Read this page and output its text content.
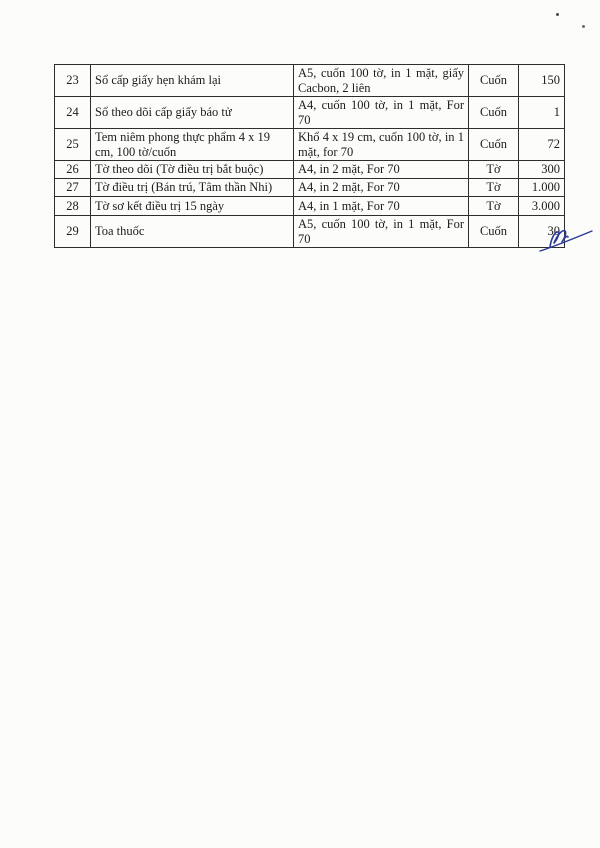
23	Sổ cấp giấy hẹn khám lại	A5, cuốn 100 tờ, in 1 mặt, giấy Cacbon, 2 liên	Cuốn	150
24	Sổ theo dõi cấp giấy báo tử	A4, cuốn 100 tờ, in 1 mặt, For 70	Cuốn	1
25	Tem niêm phong thực phẩm 4 x 19 cm, 100 tờ/cuốn	Khổ 4 x 19 cm, cuốn 100 tờ, in 1 mặt, for 70	Cuốn	72
26	Tờ theo dõi (Tờ điều trị bắt buộc)	A4, in 2 mặt, For 70	Tờ	300
27	Tờ điều trị (Bán trú, Tâm thần Nhi)	A4, in 2 mặt, For 70	Tờ	1.000
28	Tờ sơ kết điều trị 15 ngày	A4, in 1 mặt, For 70	Tờ	3.000
29	Toa thuốc	A5, cuốn 100 tờ, in 1 mặt, For 70	Cuốn	30
